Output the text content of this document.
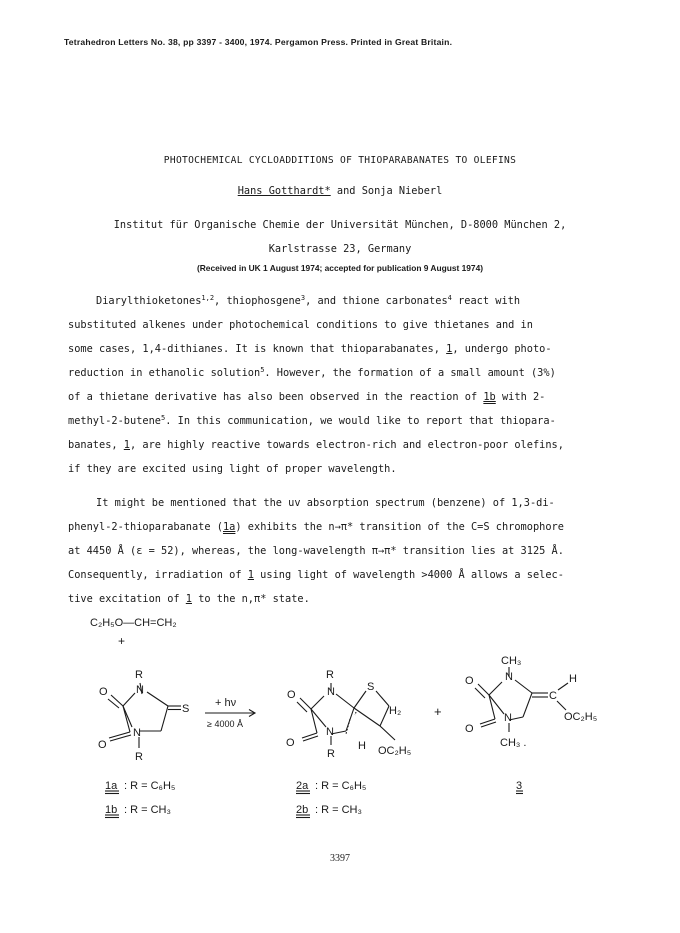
Tetrahedron Letters No. 38, pp 3397 - 3400, 1974. Pergamon Press. Printed in Great Britain.
PHOTOCHEMICAL CYCLOADDITIONS OF THIOPARABANATES TO OLEFINS
Hans Gotthardt* and Sonja Nieberl
Institut für Organische Chemie der Universität München, D-8000 München 2,
Karlstrasse 23, Germany
(Received in UK 1 August 1974; accepted for publication 9 August 1974)
Diarylthioketones$^{1,2}$, thiophosgene$^3$, and thione carbonates$^4$ react with
substituted alkenes under photochemical conditions to give thietanes and in
some cases, 1,4-dithianes. It is known that thioparabanates, 1, undergo photo-
reduction in ethanolic solution$^5$. However, the formation of a small amount (3%)
of a thietane derivative has also been observed in the reaction of 1b with 2-
methyl-2-butene$^5$. In this communication, we would like to report that thiopara-
banates, 1, are highly reactive towards electron-rich and electron-poor olefins,
if they are excited using light of proper wavelength.
It might be mentioned that the uv absorption spectrum (benzene) of 1,3-di-
phenyl-2-thioparabanate (1a) exhibits the n→π* transition of the C=S chromophore
at 4450 Å (ε = 52), whereas, the long-wavelength π→π* transition lies at 3125 Å.
Consequently, irradiation of 1 using light of wavelength >4000 Å allows a selec-
tive excitation of 1 to the n,π* state.
C₂H₅O—CH=CH₂
+
R
N
O
S
O
N
R
+ hν
≥ 4000 Å
R
N
O
S
H₂
O
N
R
H OC₂H₅
+
CH₃
N
O
C
H
OC₂H₅
O
N
CH₃ .
1a : R = C₆H₅
1b : R = CH₃
2a : R = C₆H₅
2b : R = CH₃
3
3397
